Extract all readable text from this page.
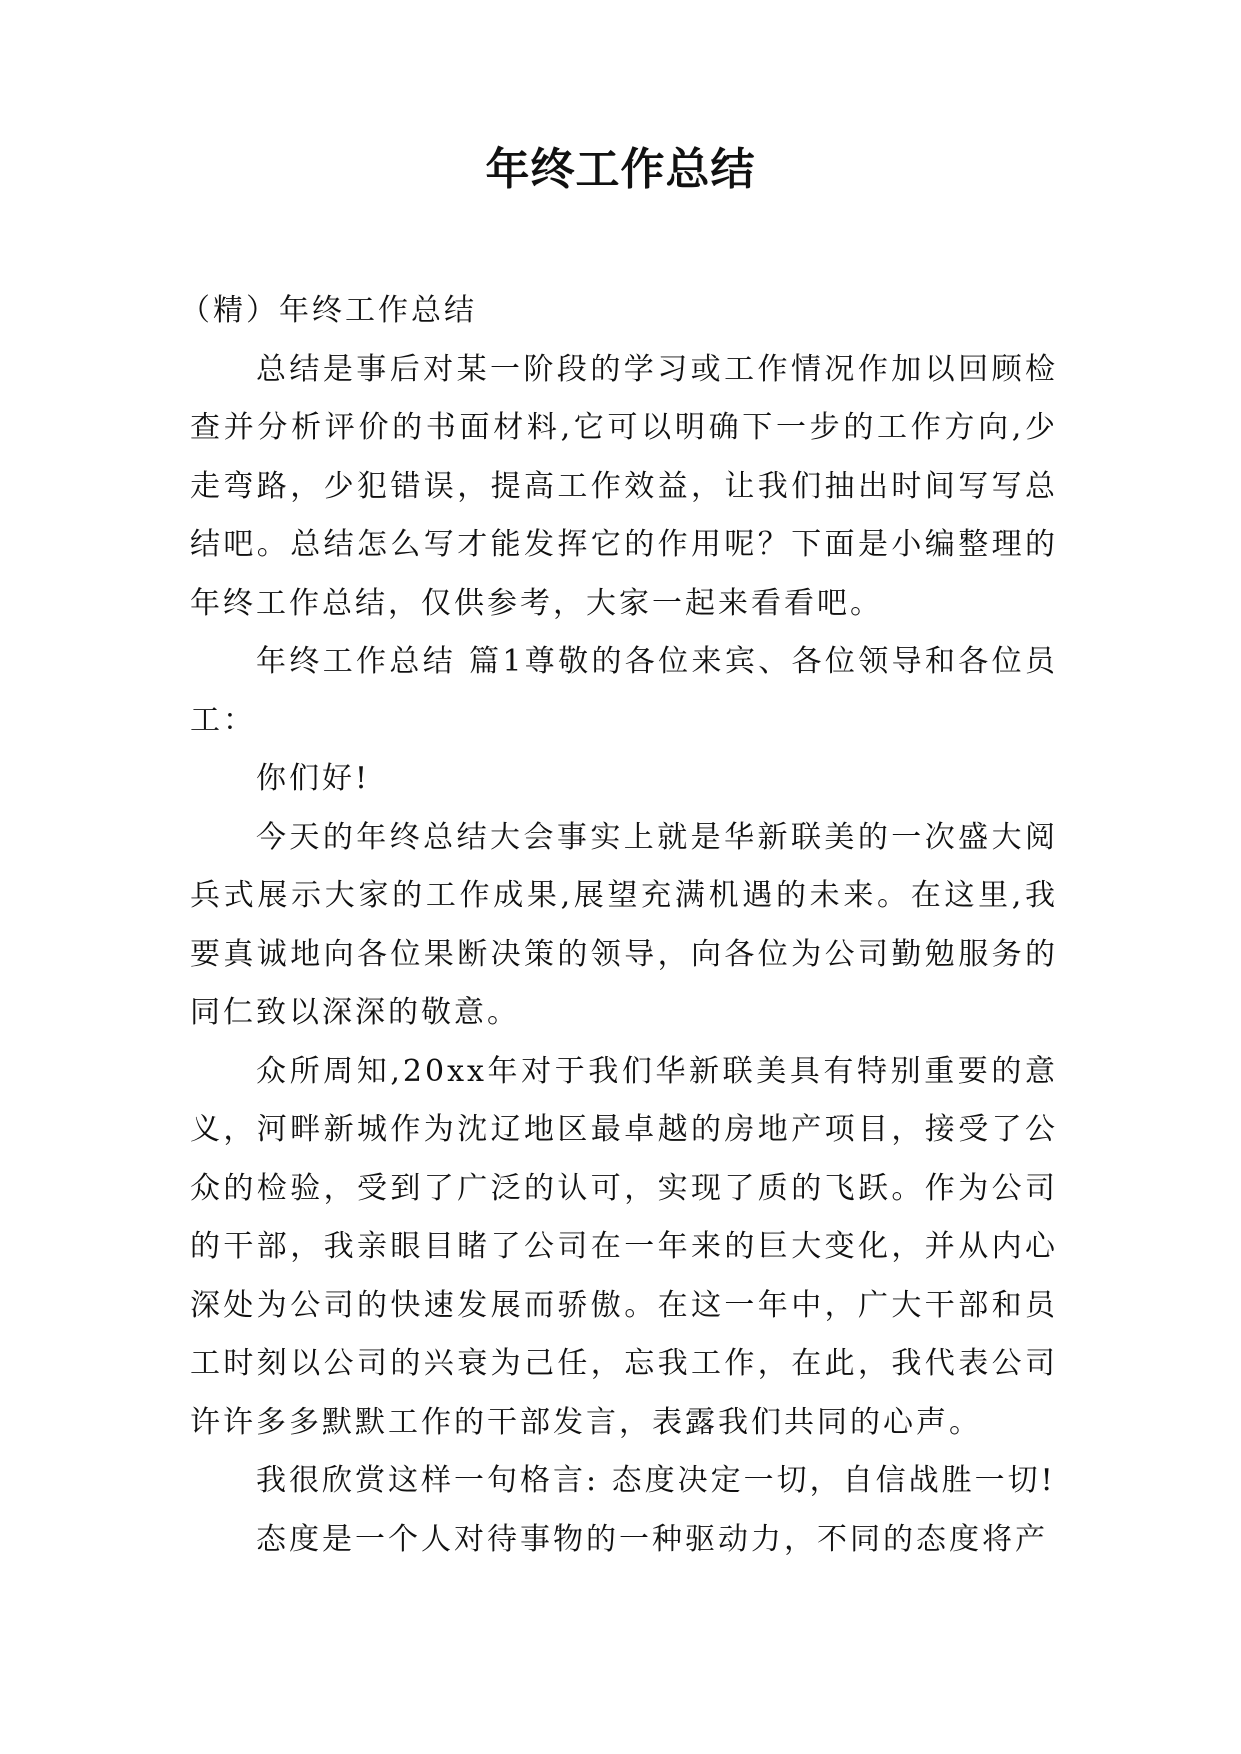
年终工作总结

（精）年终工作总结

总结是事后对某一阶段的学习或工作情况作加以回顾检查并分析评价的书面材料,它可以明确下一步的工作方向,少走弯路，少犯错误，提高工作效益，让我们抽出时间写写总结吧。总结怎么写才能发挥它的作用呢？下面是小编整理的年终工作总结，仅供参考，大家一起来看看吧。

年终工作总结 篇1尊敬的各位来宾、各位领导和各位员工：

你们好!

今天的年终总结大会事实上就是华新联美的一次盛大阅兵式展示大家的工作成果,展望充满机遇的未来。在这里,我要真诚地向各位果断决策的领导，向各位为公司勤勉服务的同仁致以深深的敬意。

众所周知,20xx年对于我们华新联美具有特别重要的意义，河畔新城作为沈辽地区最卓越的房地产项目，接受了公众的检验，受到了广泛的认可，实现了质的飞跃。作为公司的干部，我亲眼目睹了公司在一年来的巨大变化，并从内心深处为公司的快速发展而骄傲。在这一年中，广大干部和员工时刻以公司的兴衰为己任，忘我工作，在此，我代表公司许许多多默默工作的干部发言，表露我们共同的心声。

我很欣赏这样一句格言: 态度决定一切，自信战胜一切!

态度是一个人对待事物的一种驱动力，不同的态度将产
